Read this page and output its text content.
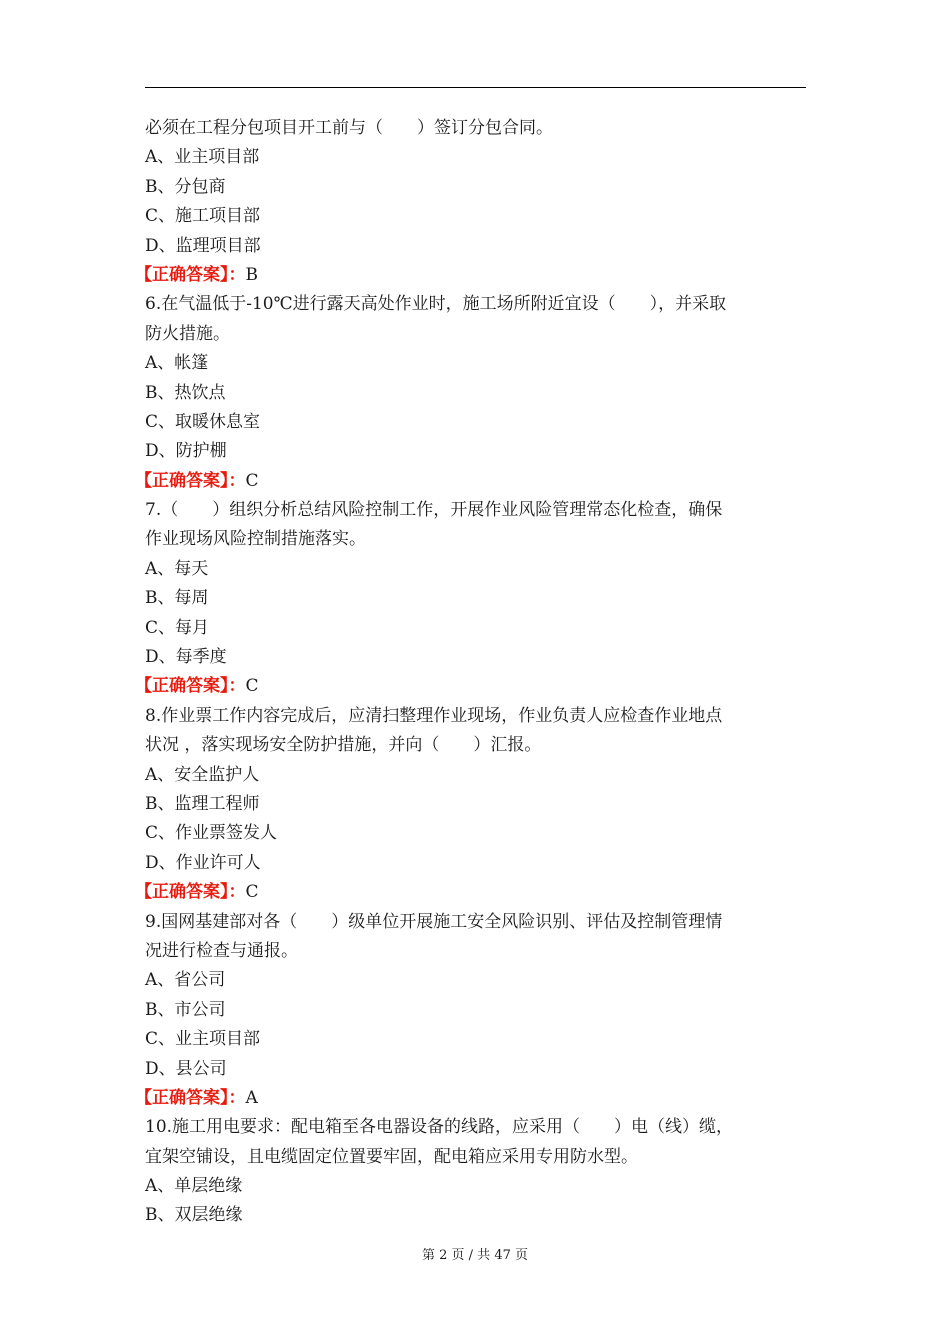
必须在工程分包项目开工前与（　　）签订分包合同。
A、业主项目部
B、分包商
C、施工项目部
D、监理项目部
【正确答案】：B
6.在气温低于-10℃进行露天高处作业时，施工场所附近宜设（　　），并采取
防火措施。
A、帐篷
B、热饮点
C、取暖休息室
D、防护棚
【正确答案】：C
7.（　　）组织分析总结风险控制工作，开展作业风险管理常态化检查，确保
作业现场风险控制措施落实。
A、每天
B、每周
C、每月
D、每季度
【正确答案】：C
8.作业票工作内容完成后，应清扫整理作业现场，作业负责人应检查作业地点
状况 ，落实现场安全防护措施，并向（　　）汇报。
A、安全监护人
B、监理工程师
C、作业票签发人
D、作业许可人
【正确答案】：C
9.国网基建部对各（　　）级单位开展施工安全风险识别、评估及控制管理情
况进行检查与通报。
A、省公司
B、市公司
C、业主项目部
D、县公司
【正确答案】：A
10.施工用电要求：配电箱至各电器设备的线路，应采用（　　）电（线）缆，
宜架空铺设，且电缆固定位置要牢固，配电箱应采用专用防水型。
A、单层绝缘
B、双层绝缘
第 2 页 / 共 47 页
